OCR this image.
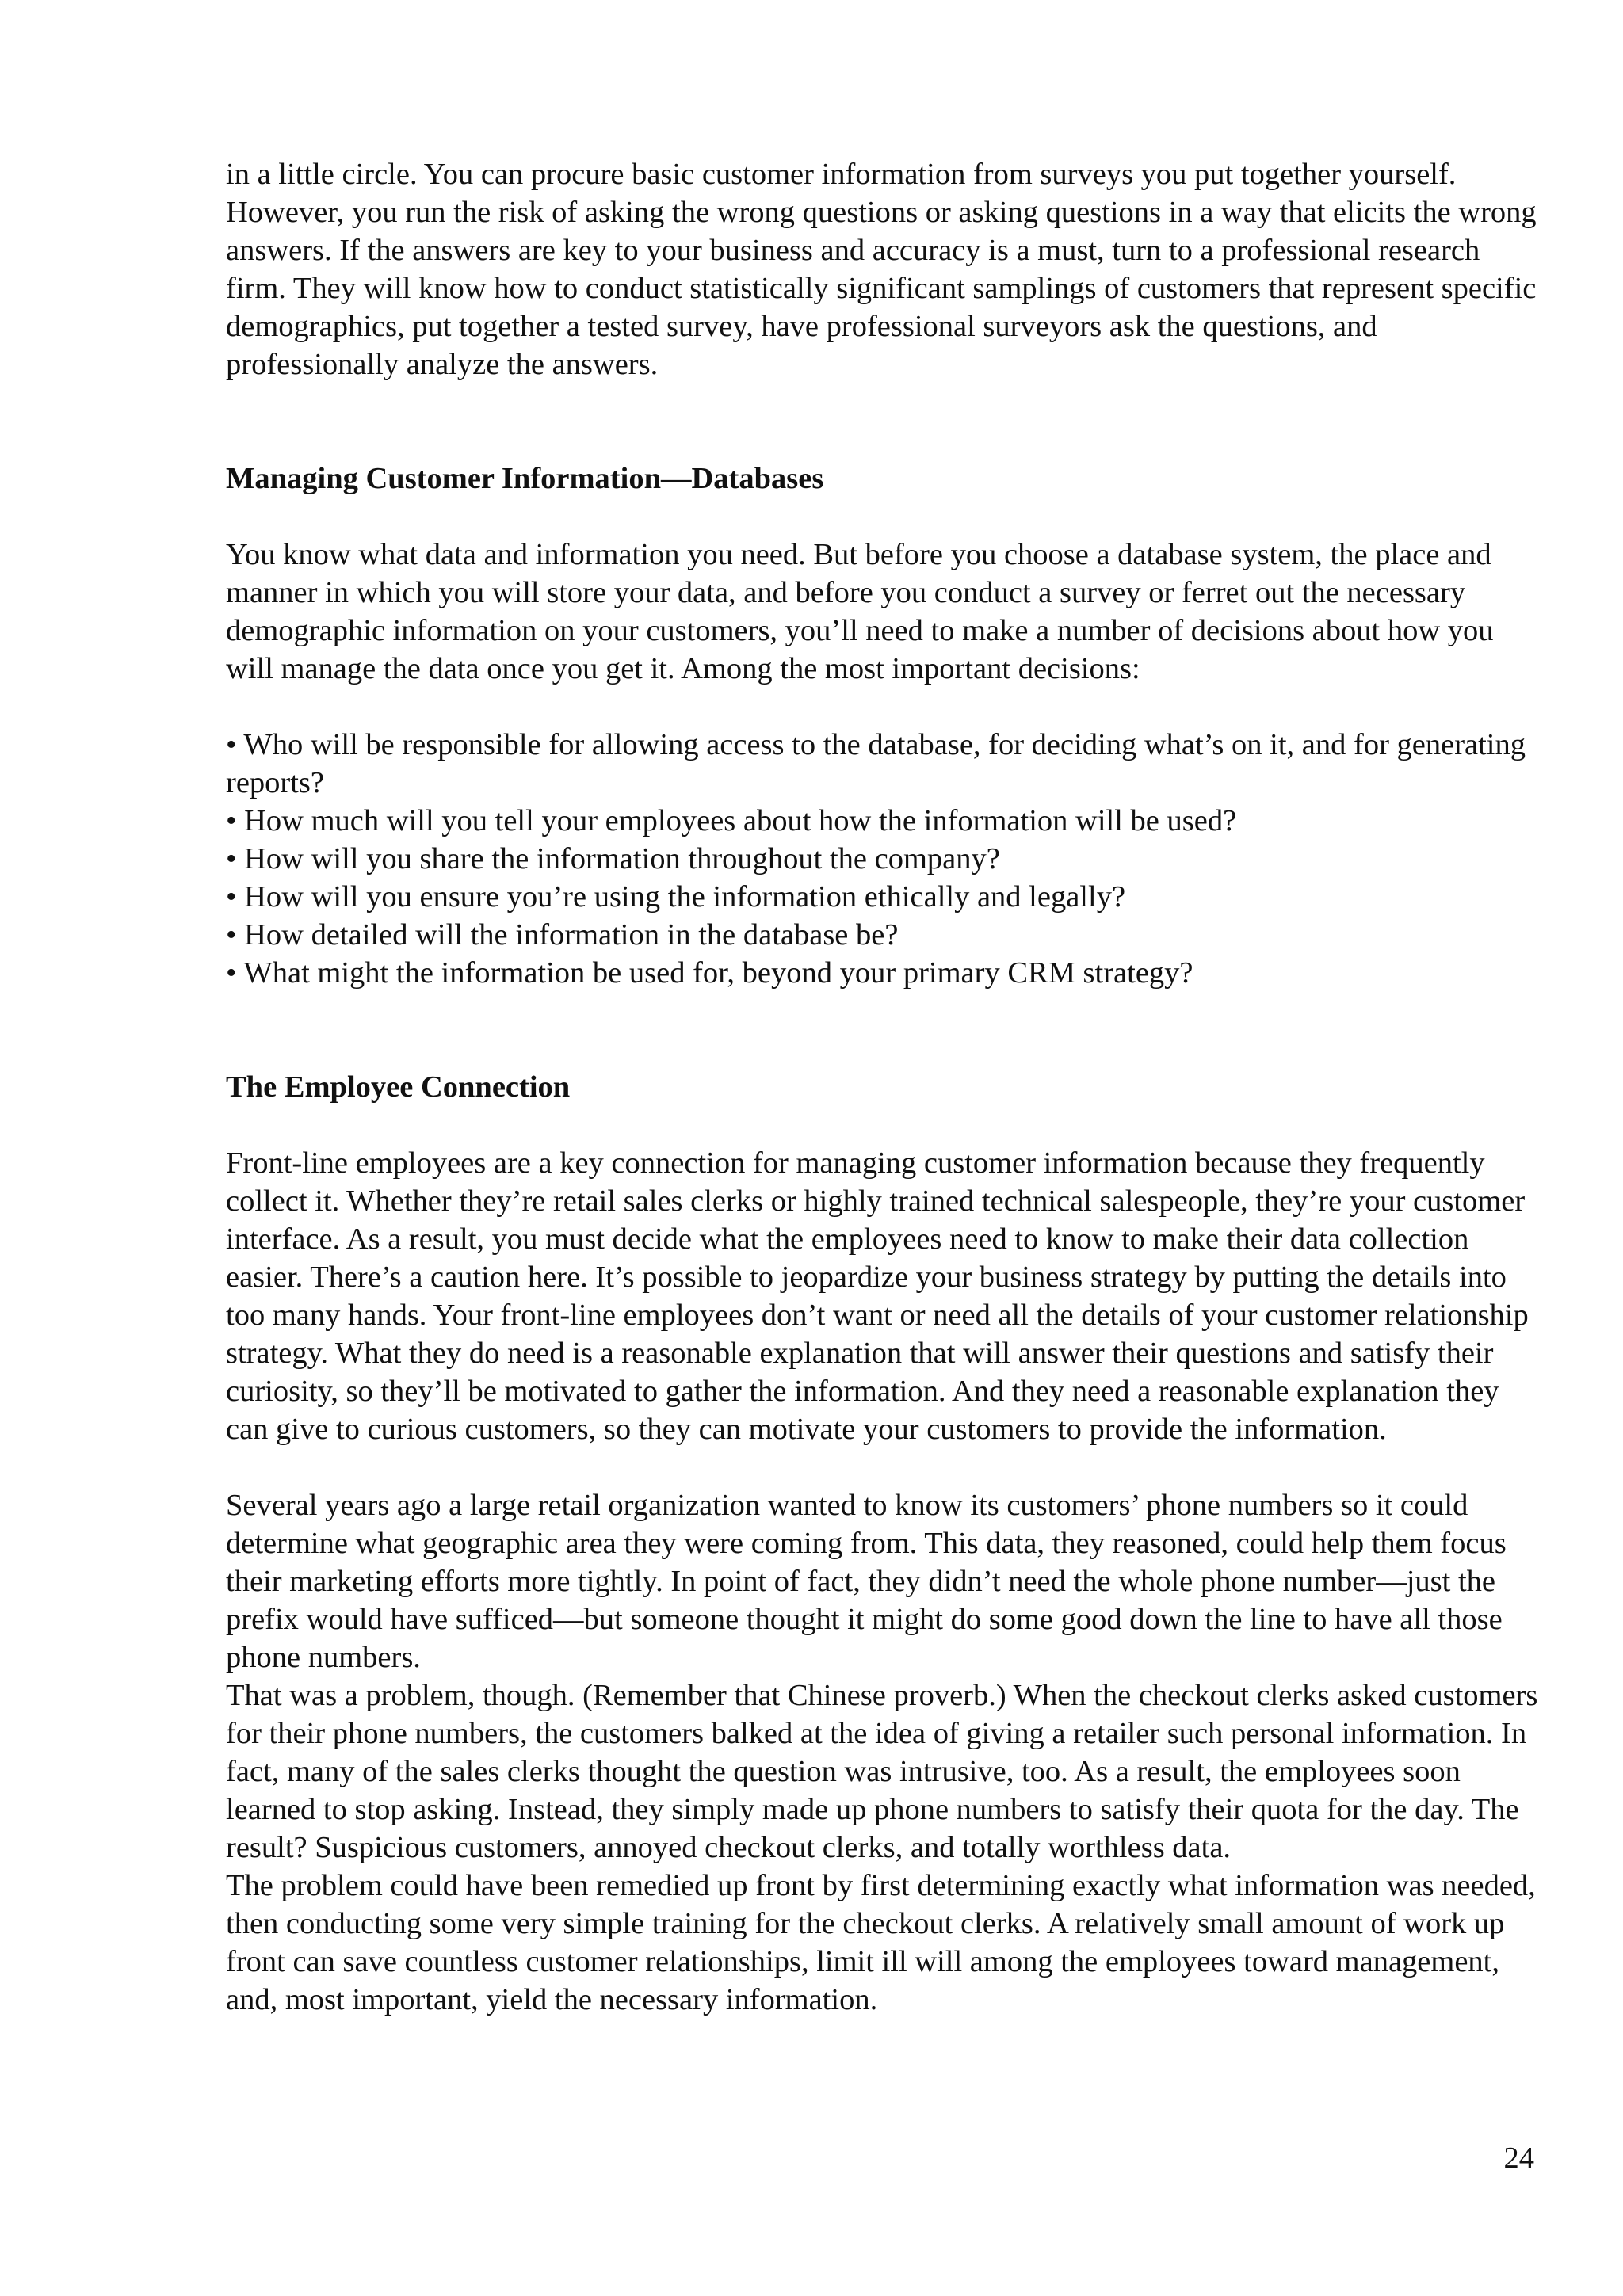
in a little circle. You can procure basic customer information from surveys you put together yourself. However, you run the risk of asking the wrong questions or asking questions in a way that elicits the wrong answers. If the answers are key to your business and accuracy is a must, turn to a professional research firm. They will know how to conduct statistically significant samplings of customers that represent specific demographics, put together a tested survey, have professional surveyors ask the questions, and professionally analyze the answers.

Managing Customer Information—Databases

You know what data and information you need. But before you choose a database system, the place and manner in which you will store your data, and before you conduct a survey or ferret out the necessary demographic information on your customers, you’ll need to make a number of decisions about how you will manage the data once you get it. Among the most important decisions:

• Who will be responsible for allowing access to the database, for deciding what’s on it, and for generating reports?
• How much will you tell your employees about how the information will be used?
• How will you share the information throughout the company?
• How will you ensure you’re using the information ethically and legally?
• How detailed will the information in the database be?
• What might the information be used for, beyond your primary CRM strategy?
The Employee Connection

Front-line employees are a key connection for managing customer information because they frequently collect it. Whether they’re retail sales clerks or highly trained technical salespeople, they’re your customer interface. As a result, you must decide what the employees need to know to make their data collection easier. There’s a caution here. It’s possible to jeopardize your business strategy by putting the details into too many hands. Your front-line employees don’t want or need all the details of your customer relationship strategy. What they do need is a reasonable explanation that will answer their questions and satisfy their curiosity, so they’ll be motivated to gather the information. And they need a reasonable explanation they can give to curious customers, so they can motivate your customers to provide the information.

Several years ago a large retail organization wanted to know its customers’ phone numbers so it could determine what geographic area they were coming from. This data, they reasoned, could help them focus their marketing efforts more tightly. In point of fact, they didn’t need the whole phone number—just the prefix would have sufficed—but someone thought it might do some good down the line to have all those phone numbers.

That was a problem, though. (Remember that Chinese proverb.) When the checkout clerks asked customers for their phone numbers, the customers balked at the idea of giving a retailer such personal information. In fact, many of the sales clerks thought the question was intrusive, too. As a result, the employees soon learned to stop asking. Instead, they simply made up phone numbers to satisfy their quota for the day. The result? Suspicious customers, annoyed checkout clerks, and totally worthless data.

The problem could have been remedied up front by first determining exactly what information was needed, then conducting some very simple training for the checkout clerks. A relatively small amount of work up front can save countless customer relationships, limit ill will among the employees toward management, and, most important, yield the necessary information.

24
